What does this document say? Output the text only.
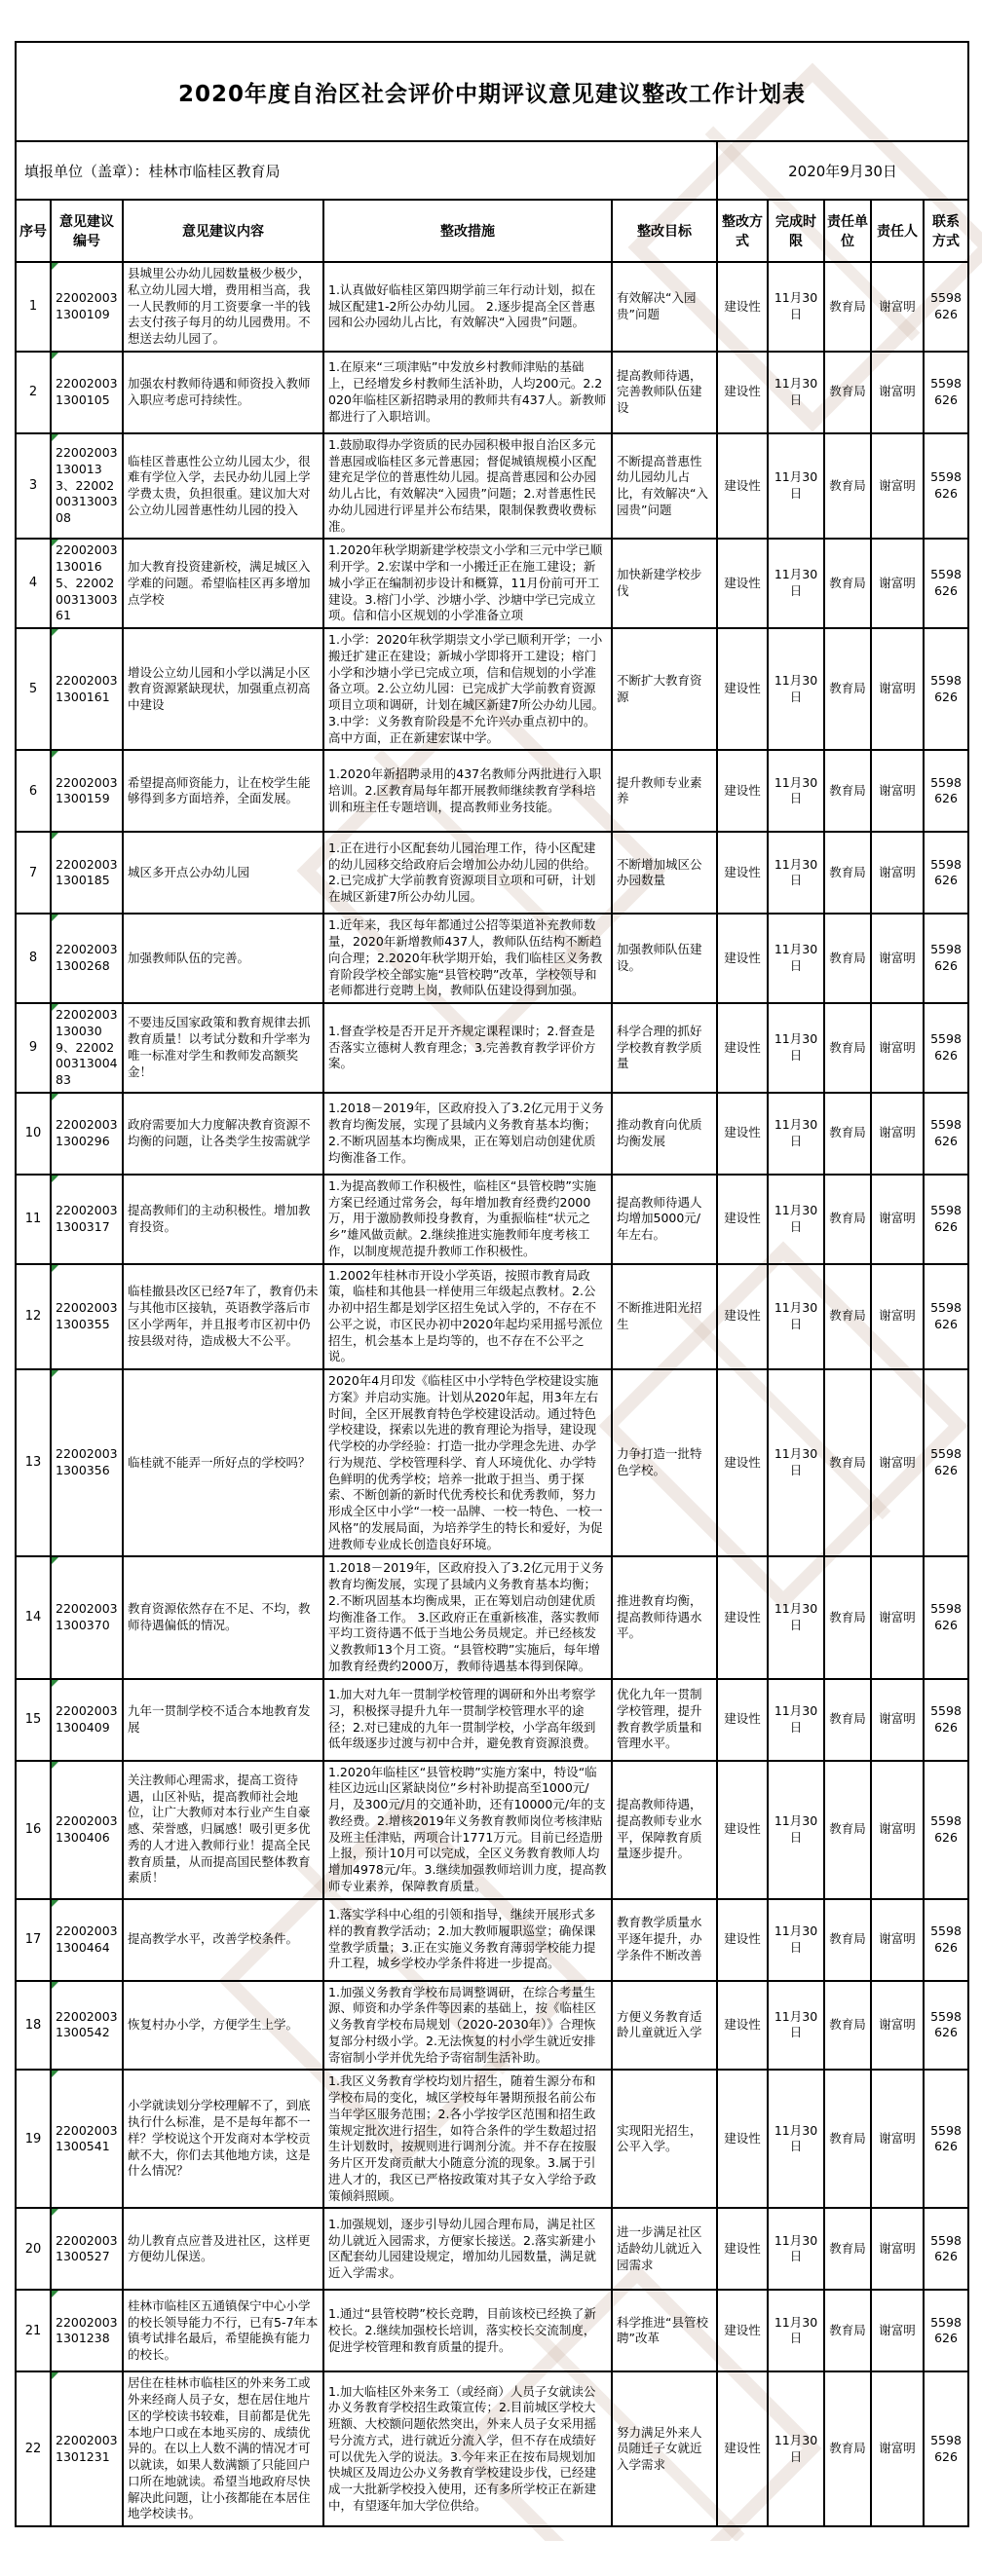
2020年度自治区社会评价中期评议意见建议整改工作计划表									
填报单位（盖章）：桂林市临桂区教育局					2020年9月30日				
序号	意见建议编号	意见建议内容	整改措施	整改目标	整改方式	完成时限	责任单位	责任人	联系方式
1	220020031300109	县城里公办幼儿园数量极少极少，私立幼儿园大增，费用相当高，我一人民教师的月工资要拿一半的钱去支付孩子每月的幼儿园费用。不想送去幼儿园了。	1.认真做好临桂区第四期学前三年行动计划，拟在城区配建1-2所公办幼儿园。 2.逐步提高全区普惠园和公办园幼儿占比，有效解决“入园贵”问题。	有效解决“入园贵”问题	建设性	11月30日	教育局	谢富明	5598626
2	220020031300105	加强农村教师待遇和师资投入教师入职应考虑可持续性。	1.在原来“三项津贴”中发放乡村教师津贴的基础上，已经增发乡村教师生活补助，人均200元。2.2020年临桂区新招聘录用的教师共有437人。新教师都进行了入职培训。	提高教师待遇，完善教师队伍建设	建设性	11月30日	教育局	谢富明	5598626
3	220020031300133、220020031300308	临桂区普惠性公立幼儿园太少，很难有学位入学，去民办幼儿园上学学费太贵，负担很重。建议加大对公立幼儿园普惠性幼儿园的投入	1.鼓励取得办学资质的民办园积极申报自治区多元普惠园或临桂区多元普惠园；督促城镇规模小区配建充足学位的普惠性幼儿园。提高普惠园和公办园幼儿占比，有效解决“入园贵”问题；2.对普惠性民办幼儿园进行评星并公布结果，限制保教费收费标准。	不断提高普惠性幼儿园幼儿占比，有效解决“入园贵”问题	建设性	11月30日	教育局	谢富明	5598626
4	220020031300165、220020031300361	加大教育投资建新校，满足城区入学难的问题。希望临桂区再多增加点学校	1.2020年秋学期新建学校崇文小学和三元中学已顺利开学。2.宏谋中学和一小搬迁正在施工建设；新城小学正在编制初步设计和概算，11月份前可开工建设。3.榕门小学、沙塘小学、沙塘中学已完成立项。信和信小区规划的小学准备立项	加快新建学校步伐	建设性	11月30日	教育局	谢富明	5598626
5	220020031300161	增设公立幼儿园和小学以满足小区教育资源紧缺现状，加强重点初高中建设	1.小学：2020年秋学期崇文小学已顺利开学；一小搬迁扩建正在建设；新城小学即将开工建设；榕门小学和沙塘小学已完成立项，信和信规划的小学准备立项。2.公立幼儿园：已完成扩大学前教育资源项目立项和调研，计划在城区新建7所公办幼儿园。3.中学：义务教育阶段是不允许兴办重点初中的。高中方面，正在新建宏谋中学。	不断扩大教育资源	建设性	11月30日	教育局	谢富明	5598626
6	220020031300159	希望提高师资能力，让在校学生能够得到多方面培养，全面发展。	1.2020年新招聘录用的437名教师分两批进行入职培训。2.区教育局每年都开展教师继续教育学科培训和班主任专题培训，提高教师业务技能。	提升教师专业素养	建设性	11月30日	教育局	谢富明	5598626
7	220020031300185	城区多开点公办幼儿园	1.正在进行小区配套幼儿园治理工作，待小区配建的幼儿园移交给政府后会增加公办幼儿园的供给。2.已完成扩大学前教育资源项目立项和可研，计划在城区新建7所公办幼儿园。	不断增加城区公办园数量	建设性	11月30日	教育局	谢富明	5598626
8	220020031300268	加强教师队伍的完善。	1.近年来，我区每年都通过公招等渠道补充教师数量，2020年新增教师437人，教师队伍结构不断趋向合理；2.2020年秋学期开始，我们临桂区义务教育阶段学校全部实施“县管校聘”改革，学校领导和老师都进行竞聘上岗，教师队伍建设得到加强。	加强教师队伍建设。	建设性	11月30日	教育局	谢富明	5598626
9	220020031300309、220020031300483	不要违反国家政策和教育规律去抓教育质量！以考试分数和升学率为唯一标准对学生和教师发高额奖金！	1.督查学校是否开足开齐规定课程课时；2.督查是否落实立德树人教育理念；3.完善教育教学评价方案。	科学合理的抓好学校教育教学质量	建设性	11月30日	教育局	谢富明	5598626
10	220020031300296	政府需要加大力度解决教育资源不均衡的问题，让各类学生按需就学	1.2018－2019年，区政府投入了3.2亿元用于义务教育均衡发展，实现了县域内义务教育基本均衡；2.不断巩固基本均衡成果，正在筹划启动创建优质均衡准备工作。	推动教育向优质均衡发展	建设性	11月30日	教育局	谢富明	5598626
11	220020031300317	提高教师们的主动积极性。增加教育投资。	1.为提高教师工作积极性，临桂区“县管校聘”实施方案已经通过常务会，每年增加教育经费约2000万，用于激励教师投身教育，为重振临桂“状元之乡”雄风做贡献。2.继续推进实施教师年度考核工作，以制度规范提升教师工作积极性。	提高教师待遇人均增加5000元/年左右。	建设性	11月30日	教育局	谢富明	5598626
12	220020031300355	临桂撤县改区已经7年了，教育仍未与其他市区接轨，英语教学落后市区小学两年，并且报考市区初中仍按县级对待，造成极大不公平。	1.2002年桂林市开设小学英语，按照市教育局政策，临桂和其他县一样使用三年级起点教材。2.公办初中招生都是划学区招生免试入学的，不存在不公平之说，市区民办初中2020年起均采用摇号派位招生，机会基本上是均等的，也不存在不公平之说。	不断推进阳光招生	建设性	11月30日	教育局	谢富明	5598626
13	220020031300356	临桂就不能弄一所好点的学校吗？	2020年4月印发《临桂区中小学特色学校建设实施方案》并启动实施。计划从2020年起，用3年左右时间，全区开展教育特色学校建设活动。通过特色学校建设，探索以先进的教育理论为指导，建设现代学校的办学经验：打造一批办学理念先进、办学行为规范、学校管理科学、育人环境优化、办学特色鲜明的优秀学校；培养一批敢于担当、勇于探索、不断创新的新时代优秀校长和优秀教师，努力形成全区中小学“一校一品牌、一校一特色、一校一风格”的发展局面，为培养学生的特长和爱好，为促进教师专业成长创造良好环境。	力争打造一批特色学校。	建设性	11月30日	教育局	谢富明	5598626
14	220020031300370	教育资源依然存在不足、不均，教师待遇偏低的情况。	1.2018－2019年，区政府投入了3.2亿元用于义务教育均衡发展，实现了县域内义务教育基本均衡；2.不断巩固基本均衡成果，正在筹划启动创建优质均衡准备工作。 3.区政府正在重新核准，落实教师平均工资待遇不低于当地公务员规定。并已经核发义教教师13个月工资。“县管校聘”实施后，每年增加教育经费约2000万，教师待遇基本得到保障。	推进教育均衡，提高教师待遇水平。	建设性	11月30日	教育局	谢富明	5598626
15	220020031300409	九年一贯制学校不适合本地教育发展	1.加大对九年一贯制学校管理的调研和外出考察学习，积极探寻提升九年一贯制学校管理水平的途径；2.对已建成的九年一贯制学校，小学高年级到低年级逐步过渡与初中合并，避免教育资源浪费。	优化九年一贯制学校管理，提升教育教学质量和管理水平。	建设性	11月30日	教育局	谢富明	5598626
16	220020031300406	关注教师心理需求，提高工资待遇，山区补贴，提高教师社会地位，让广大教师对本行业产生自豪感、荣誉感，归属感！吸引更多优秀的人才进入教师行业！提高全民教育质量，从而提高国民整体教育素质！	1.2020年临桂区“县管校聘”实施方案中，特设“临桂区边远山区紧缺岗位”乡村补助提高至1000元/月，及300元/月的交通补助，还有10000元/年的支教经费。2.增核2019年义务教育教师岗位考核津贴及班主任津贴，两项合计1771万元。目前已经造册上报，预计10月可以完成，全区义务教育教师人均增加4978元/年。3.继续加强教师培训力度，提高教师专业素养，保障教育质量。	提高教师待遇，提高教师专业水平，保障教育质量逐步提升。	建设性	11月30日	教育局	谢富明	5598626
17	220020031300464	提高教学水平，改善学校条件。	1.落实学科中心组的引领和指导，继续开展形式多样的教育教学活动；2.加大教师履职巡堂；确保课堂教学质量；3.正在实施义务教育薄弱学校能力提升工程，城乡学校办学条件将进一步提高。	教育教学质量水平逐年提升，办学条件不断改善	建设性	11月30日	教育局	谢富明	5598626
18	220020031300542	恢复村办小学，方便学生上学。	1.加强义务教育学校布局调整调研，在综合考量生源、师资和办学条件等因素的基础上，按《临桂区义务教育学校布局规划（2020-2030年）》合理恢复部分村级小学。2.无法恢复的村小学生就近安排寄宿制小学并优先给予寄宿制生活补助。	方便义务教育适龄儿童就近入学	建设性	11月30日	教育局	谢富明	5598626
19	220020031300541	小学就读划分学校理解不了，到底执行什么标准，是不是每年都不一样？学校说这个开发商对本学校贡献不大，你们去其他地方读，这是什么情况？	1.我区义务教育学校均划片招生，随着生源分布和学校布局的变化，城区学校每年暑期预报名前公布当年学区服务范围；2.各小学按学区范围和招生政策规定批次进行招生，如符合条件的学生数超过招生计划数时，按规则进行调剂分流。并不存在按服务片区开发商贡献大小随意分流的现象。3.属于引进人才的，我区已严格按政策对其子女入学给予政策倾斜照顾。	实现阳光招生，公平入学。	建设性	11月30日	教育局	谢富明	5598626
20	220020031300527	幼儿教育点应普及进社区，这样更方便幼儿保送。	1.加强规划，逐步引导幼儿园合理布局，满足社区幼儿就近入园需求，方便家长接送。2.落实新建小区配套幼儿园建设规定，增加幼儿园数量，满足就近入学需求。	进一步满足社区适龄幼儿就近入园需求	建设性	11月30日	教育局	谢富明	5598626
21	220020031301238	桂林市临桂区五通镇保宁中心小学的校长领导能力不行，已有5-7年本镇考试排名最后，希望能换有能力的校长。	1.通过“县管校聘”校长竞聘，目前该校已经换了新校长。2.继续加强校长培训，落实校长交流制度，促进学校管理和教育质量的提升。	科学推进“县管校聘”改革	建设性	11月30日	教育局	谢富明	5598626
22	220020031301231	居住在桂林市临桂区的外来务工或外来经商人员子女，想在居住地片区的学校读书较难，目前都是优先本地户口或在本地买房的、成绩优异的。在以上人数不满的情况才可以就读，如果人数满额了只能回户口所在地就读。希望当地政府尽快解决此问题，让小孩都能在本居住地学校读书。	1.加大临桂区外来务工（或经商）人员子女就读公办义务教育学校招生政策宣传；2.目前城区学校大班额、大校额问题依然突出，外来人员子女采用摇号分流方式，进行就近分流入学，但不存在成绩好可以优先入学的说法。3.今年来正在按布局规划加快城区及周边公办义务教育学校建设步伐，已经建成一大批新学校投入使用，还有多所学校正在新建中，有望逐年加大学位供给。	努力满足外来人员随迁子女就近入学需求	建设性	11月30日	教育局	谢富明	5598626
